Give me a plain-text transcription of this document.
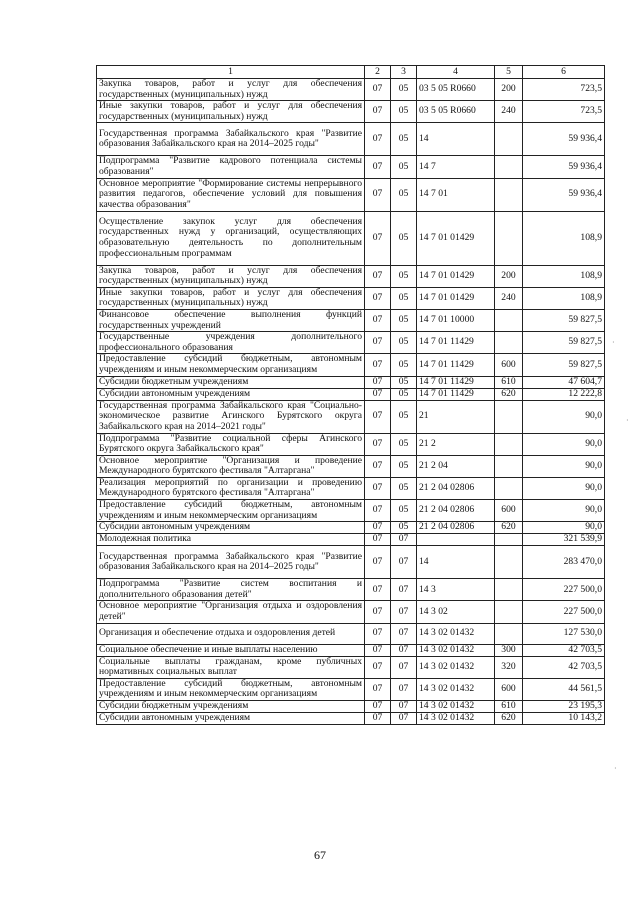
1	2	3	4	5	6
Закупка товаров, работ и услуг для обеспечения государственных (муниципальных) нужд	07	05	03 5 05 R0660	200	723,5
Иные закупки товаров, работ и услуг для обеспечения государственных (муниципальных) нужд	07	05	03 5 05 R0660	240	723,5
Государственная программа Забайкальского края "Развитие образования Забайкальского края на 2014–2025 годы"	07	05	14		59 936,4
Подпрограмма "Развитие кадрового потенциала системы образования"	07	05	14 7		59 936,4
Основное мероприятие "Формирование системы непрерывного развития педагогов, обеспечение условий для повышения качества образования"	07	05	14 7 01		59 936,4
Осуществление закупок услуг для обеспечения государственных нужд у организаций, осуществляющих образовательную деятельность по дополнительным профессиональным программам	07	05	14 7 01 01429		108,9
Закупка товаров, работ и услуг для обеспечения государственных (муниципальных) нужд	07	05	14 7 01 01429	200	108,9
Иные закупки товаров, работ и услуг для обеспечения государственных (муниципальных) нужд	07	05	14 7 01 01429	240	108,9
Финансовое обеспечение выполнения функций государственных учреждений	07	05	14 7 01 10000		59 827,5
Государственные учреждения дополнительного профессионального образования	07	05	14 7 01 11429		59 827,5
Предоставление субсидий бюджетным, автономным учреждениям и иным некоммерческим организациям	07	05	14 7 01 11429	600	59 827,5
Субсидии бюджетным учреждениям	07	05	14 7 01 11429	610	47 604,7
Субсидии автономным учреждениям	07	05	14 7 01 11429	620	12 222,8
Государственная программа Забайкальского края "Социально-экономическое развитие Агинского Бурятского округа Забайкальского края на 2014–2021 годы"	07	05	21		90,0
Подпрограмма "Развитие социальной сферы Агинского Бурятского округа Забайкальского края"	07	05	21 2		90,0
Основное мероприятие "Организация и проведение Международного бурятского фестиваля "Алтаргана"	07	05	21 2 04		90,0
Реализация мероприятий по организации и проведению Международного бурятского фестиваля "Алтаргана"	07	05	21 2 04 02806		90,0
Предоставление субсидий бюджетным, автономным учреждениям и иным некоммерческим организациям	07	05	21 2 04 02806	600	90,0
Субсидии автономным учреждениям	07	05	21 2 04 02806	620	90,0
Молодежная политика	07	07			321 539,9
Государственная программа Забайкальского края "Развитие образования Забайкальского края на 2014–2025 годы"	07	07	14		283 470,0
Подпрограмма "Развитие систем воспитания и дополнительного образования детей"	07	07	14 3		227 500,0
Основное мероприятие "Организация отдыха и оздоровления детей"	07	07	14 3 02		227 500,0
Организация и обеспечение отдыха и оздоровления детей	07	07	14 3 02 01432		127 530,0
Социальное обеспечение и иные выплаты населению	07	07	14 3 02 01432	300	42 703,5
Социальные выплаты гражданам, кроме публичных нормативных социальных выплат	07	07	14 3 02 01432	320	42 703,5
Предоставление субсидий бюджетным, автономным учреждениям и иным некоммерческим организациям	07	07	14 3 02 01432	600	44 561,5
Субсидии бюджетным учреждениям	07	07	14 3 02 01432	610	23 195,3
Субсидии автономным учреждениям	07	07	14 3 02 01432	620	10 143,2
67
·
·
·
